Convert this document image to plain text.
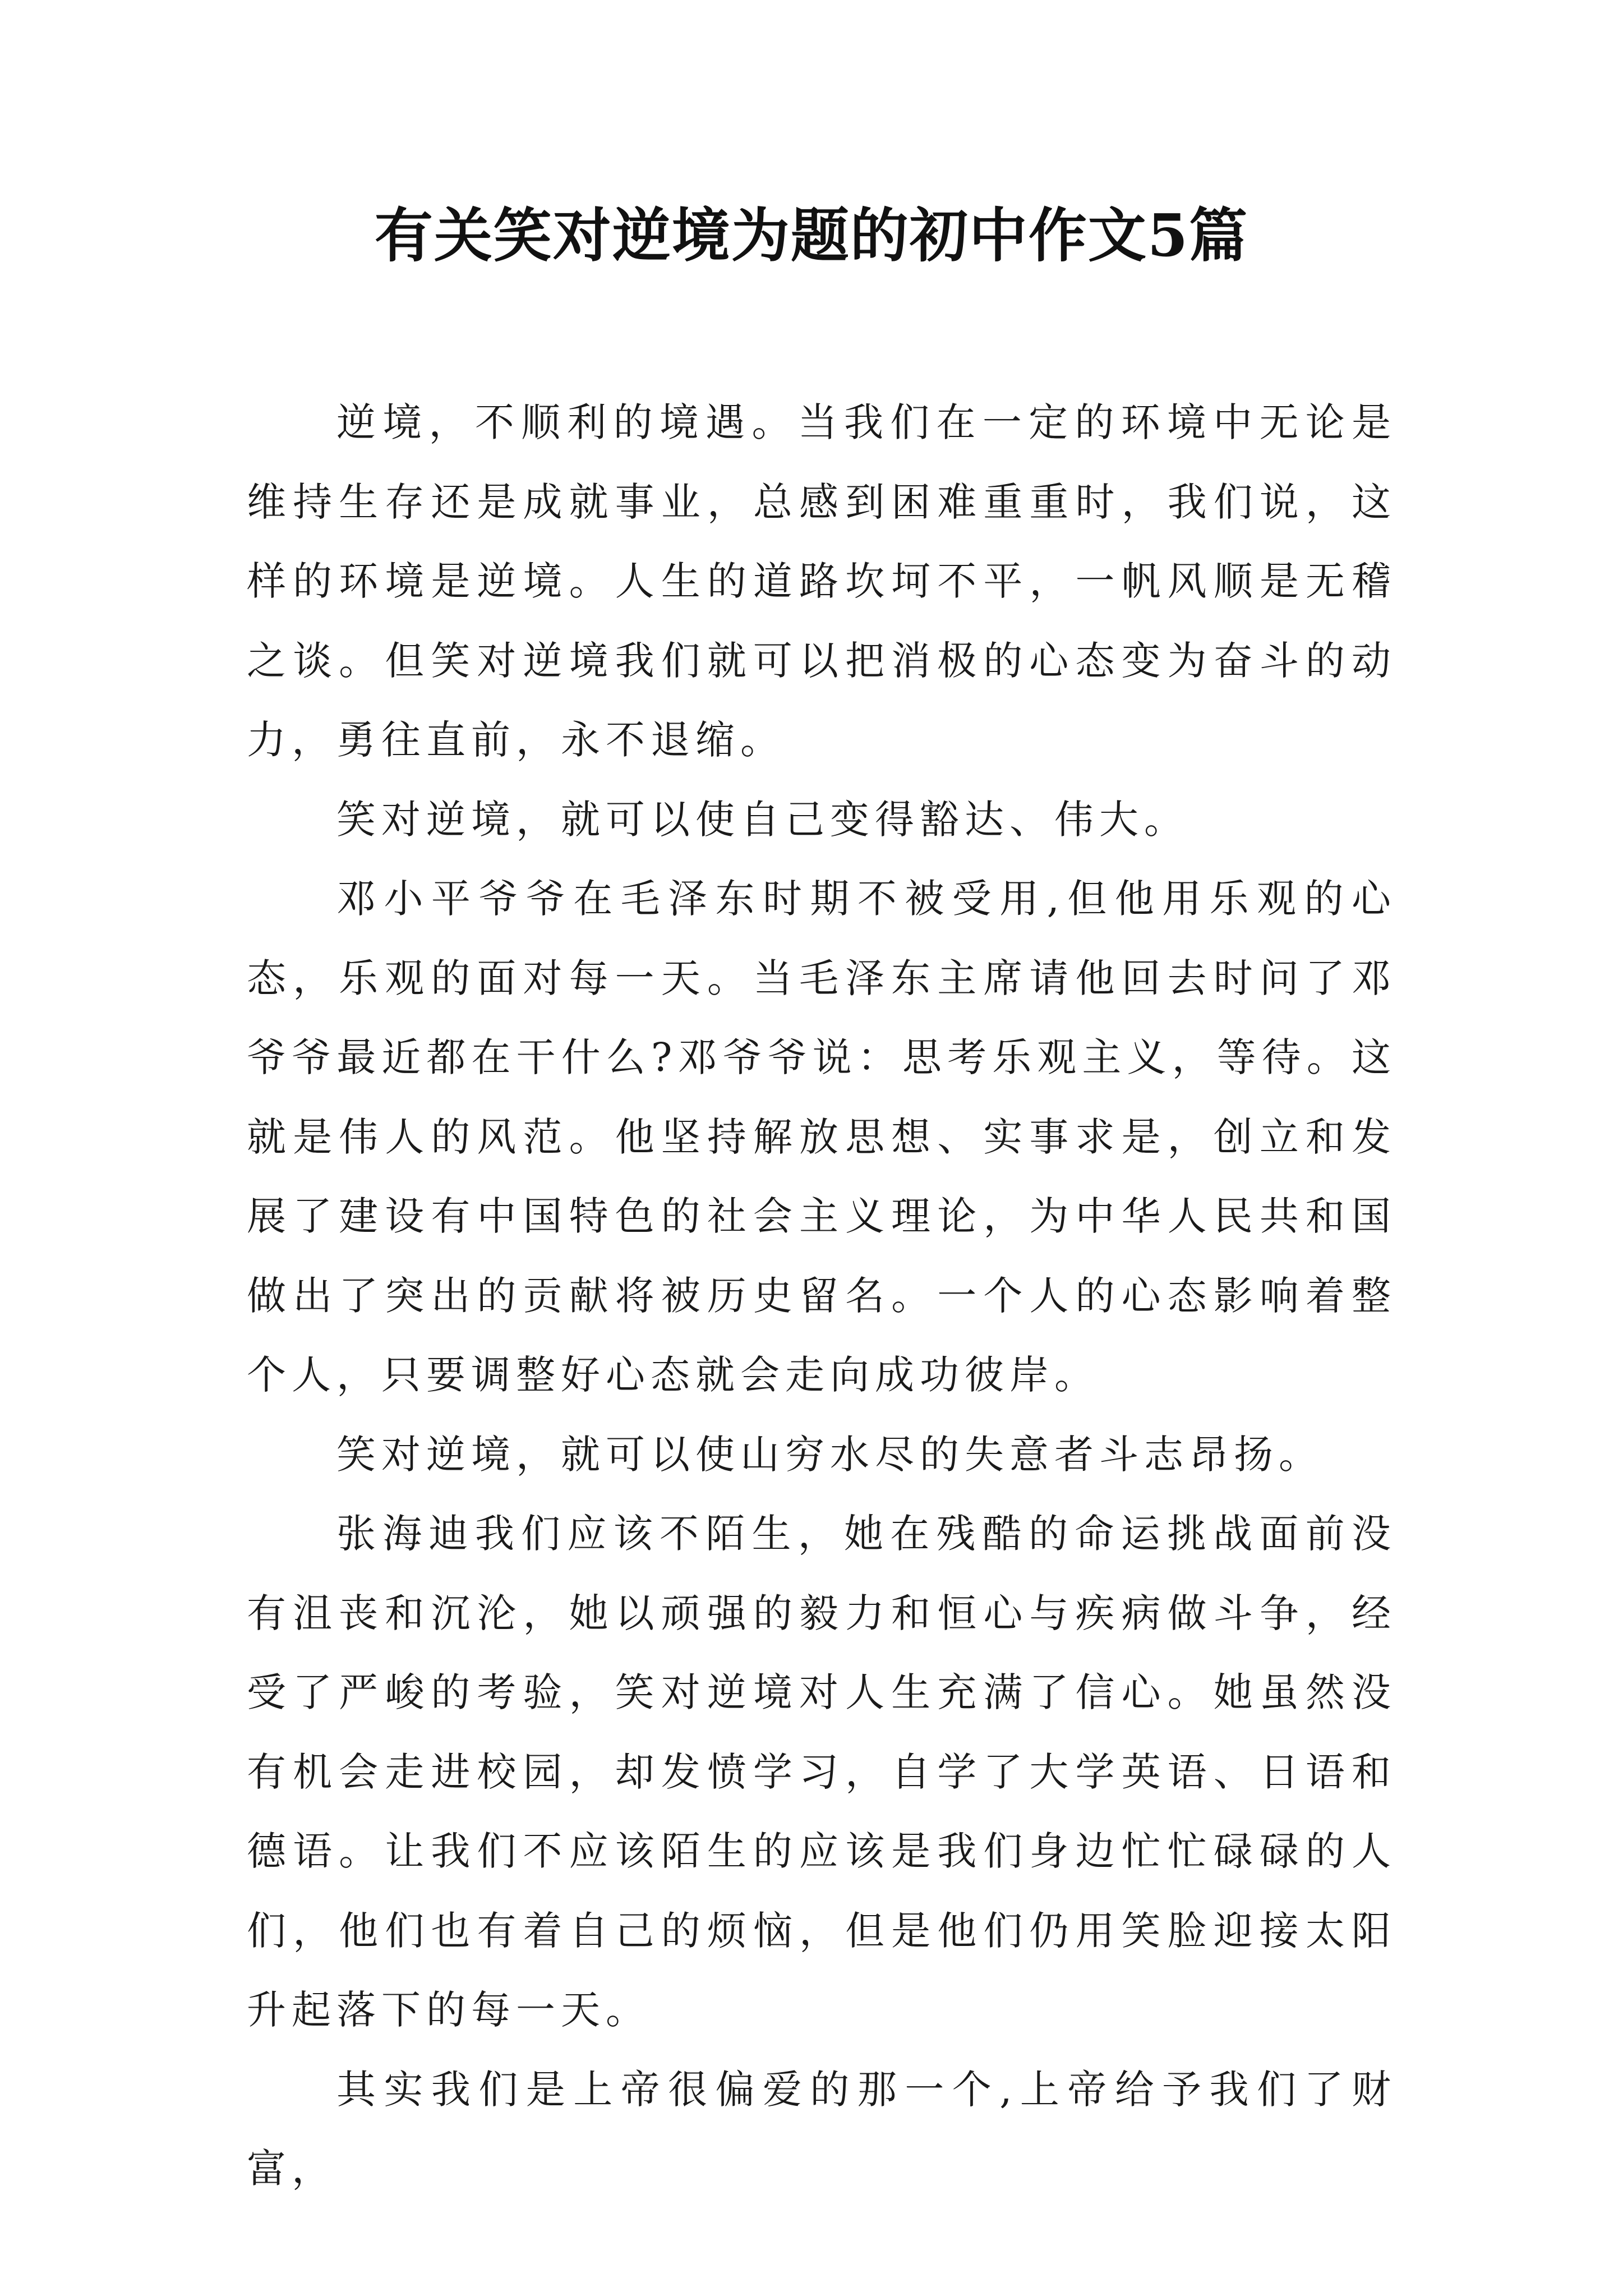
有关笑对逆境为题的初中作文5篇

逆境，不顺利的境遇。当我们在一定的环境中无论是维持生存还是成就事业，总感到困难重重时，我们说，这样的环境是逆境。人生的道路坎坷不平，一帆风顺是无稽之谈。但笑对逆境我们就可以把消极的心态变为奋斗的动力，勇往直前，永不退缩。

笑对逆境，就可以使自己变得豁达、伟大。

邓小平爷爷在毛泽东时期不被受用,但他用乐观的心态，乐观的面对每一天。当毛泽东主席请他回去时问了邓爷爷最近都在干什么?邓爷爷说：思考乐观主义，等待。这就是伟人的风范。他坚持解放思想、实事求是，创立和发展了建设有中国特色的社会主义理论，为中华人民共和国做出了突出的贡献将被历史留名。一个人的心态影响着整个人，只要调整好心态就会走向成功彼岸。

笑对逆境，就可以使山穷水尽的失意者斗志昂扬。

张海迪我们应该不陌生，她在残酷的命运挑战面前没有沮丧和沉沦，她以顽强的毅力和恒心与疾病做斗争，经受了严峻的考验，笑对逆境对人生充满了信心。她虽然没有机会走进校园，却发愤学习，自学了大学英语、日语和德语。让我们不应该陌生的应该是我们身边忙忙碌碌的人们，他们也有着自己的烦恼，但是他们仍用笑脸迎接太阳升起落下的每一天。

其实我们是上帝很偏爱的那一个,上帝给予我们了财富，
